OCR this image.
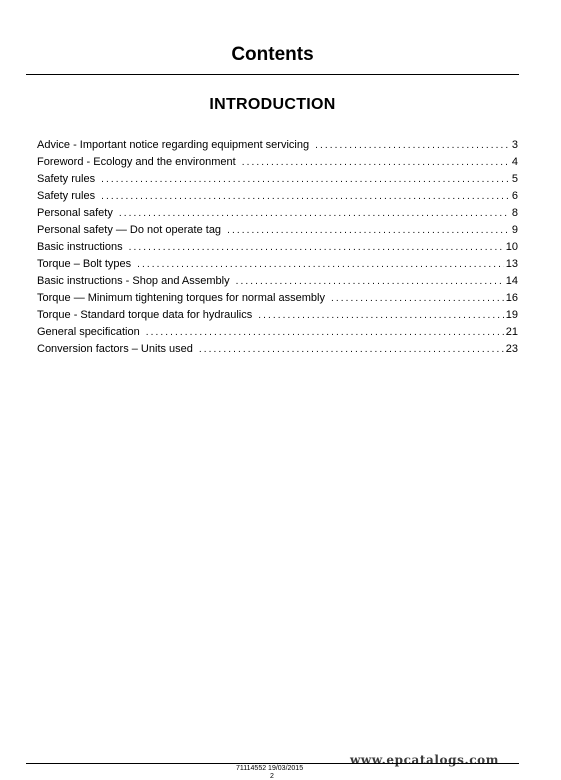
Contents
INTRODUCTION
Advice - Important notice regarding equipment servicing .....	3
Foreword - Ecology and the environment .....	4
Safety rules .....	5
Safety rules .....	6
Personal safety .....	8
Personal safety — Do not operate tag .....	9
Basic instructions .....	10
Torque – Bolt types .....	13
Basic instructions - Shop and Assembly .....	14
Torque — Minimum tightening torques for normal assembly .....	16
Torque - Standard torque data for hydraulics .....	19
General specification .....	21
Conversion factors – Units used .....	23
www.epcatalogs.com
71114552 19/03/2015
2
